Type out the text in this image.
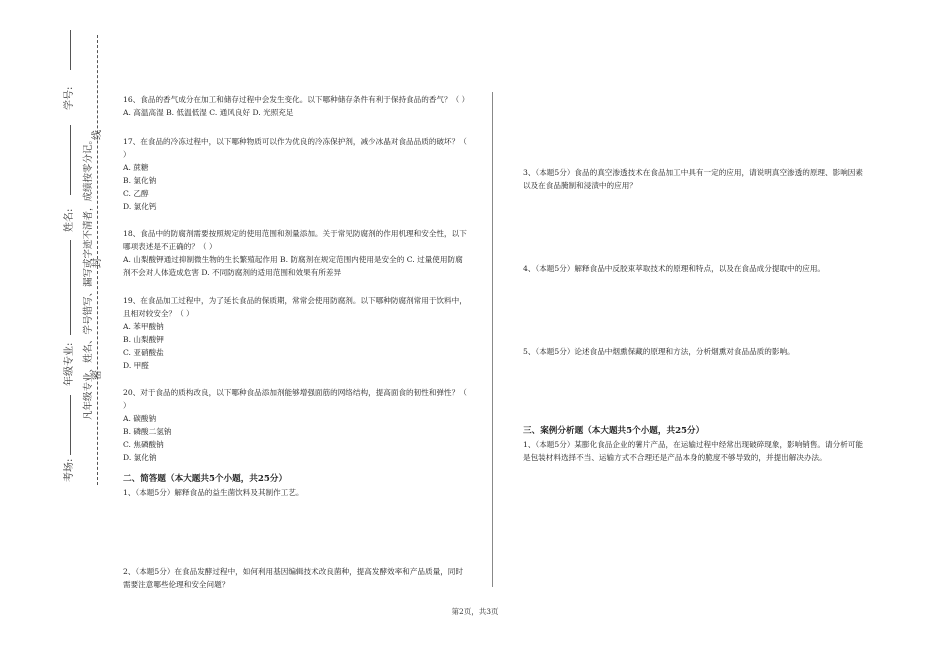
学号:
姓名:
年级专业:
考场:
凡年级专业、姓名、学号错写、漏写或字迹不清者，成绩按零分记。
密
封
线

16、食品的香气成分在加工和储存过程中会发生变化。以下哪种储存条件有利于保持食品的香气？（ ）

A. 高温高湿 B. 低温低湿 C. 通风良好 D. 光照充足

17、在食品的冷冻过程中，以下哪种物质可以作为优良的冷冻保护剂，减少冰晶对食品品质的破坏？（ ）

A. 蔗糖

B. 氯化钠

C. 乙醇

D. 氯化钙

18、食品中的防腐剂需要按照规定的使用范围和剂量添加。关于常见防腐剂的作用机理和安全性，以下哪项表述是不正确的？（ ）

A. 山梨酸钾通过抑制微生物的生长繁殖起作用 B. 防腐剂在规定范围内使用是安全的 C. 过量使用防腐剂不会对人体造成危害 D. 不同防腐剂的适用范围和效果有所差异

19、在食品加工过程中，为了延长食品的保质期，常常会使用防腐剂。以下哪种防腐剂常用于饮料中，且相对较安全？（ ）

A. 苯甲酸钠

B. 山梨酸钾

C. 亚硝酸盐

D. 甲醛

20、对于食品的质构改良，以下哪种食品添加剂能够增强面筋的网络结构，提高面食的韧性和弹性？（ ）

A. 碳酸钠

B. 磷酸二氢钠

C. 焦磷酸钠

D. 氯化钠

二、简答题（本大题共5个小题，共25分）

1、（本题5分）解释食品的益生菌饮料及其制作工艺。

2、（本题5分）在食品发酵过程中，如何利用基因编辑技术改良菌种，提高发酵效率和产品质量，同时需要注意哪些伦理和安全问题？

3、（本题5分）食品的真空渗透技术在食品加工中具有一定的应用，请说明真空渗透的原理、影响因素以及在食品腌制和浸渍中的应用？

4、（本题5分）解释食品中反胶束萃取技术的原理和特点，以及在食品成分提取中的应用。

5、（本题5分）论述食品中烟熏保藏的原理和方法，分析烟熏对食品品质的影响。

三、案例分析题（本大题共5个小题，共25分）

1、（本题5分）某膨化食品企业的薯片产品，在运输过程中经常出现破碎现象，影响销售。请分析可能是包装材料选择不当、运输方式不合理还是产品本身的脆度不够导致的，并提出解决办法。

第2页，共3页
